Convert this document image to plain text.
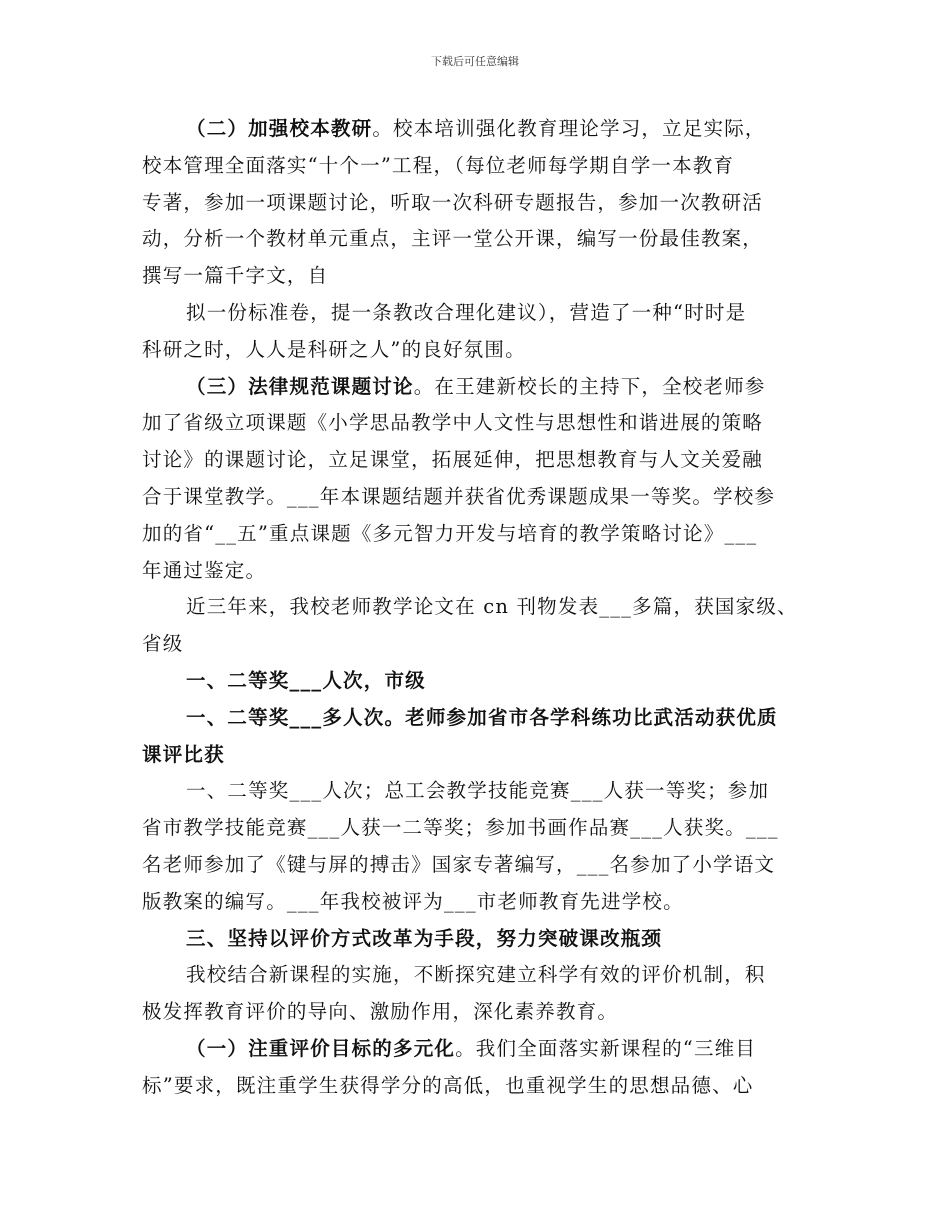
下载后可任意编辑
（二）加强校本教研。校本培训强化教育理论学习，立足实际，
校本管理全面落实“十个一”工程，（每位老师每学期自学一本教育
专著，参加一项课题讨论，听取一次科研专题报告，参加一次教研活
动，分析一个教材单元重点，主评一堂公开课，编写一份最佳教案，
撰写一篇千字文，自
拟一份标准卷，提一条教改合理化建议），营造了一种“时时是
科研之时，人人是科研之人”的良好氛围。
（三）法律规范课题讨论。在王建新校长的主持下，全校老师参
加了省级立项课题《小学思品教学中人文性与思想性和谐进展的策略
讨论》的课题讨论，立足课堂，拓展延伸，把思想教育与人文关爱融
合于课堂教学。___年本课题结题并获省优秀课题成果一等奖。学校参
加的省“__五”重点课题《多元智力开发与培育的教学策略讨论》___
年通过鉴定。
近三年来，我校老师教学论文在 cn 刊物发表___多篇，获国家级、
省级
一、二等奖___人次，市级
一、二等奖___多人次。老师参加省市各学科练功比武活动获优质
课评比获
一、二等奖___人次；总工会教学技能竞赛___人获一等奖；参加
省市教学技能竞赛___人获一二等奖；参加书画作品赛___人获奖。___
名老师参加了《键与屏的搏击》国家专著编写，___名参加了小学语文
版教案的编写。___年我校被评为___市老师教育先进学校。
三、坚持以评价方式改革为手段，努力突破课改瓶颈
我校结合新课程的实施，不断探究建立科学有效的评价机制，积
极发挥教育评价的导向、激励作用，深化素养教育。
（一）注重评价目标的多元化。我们全面落实新课程的“三维目
标”要求，既注重学生获得学分的高低，也重视学生的思想品德、心
